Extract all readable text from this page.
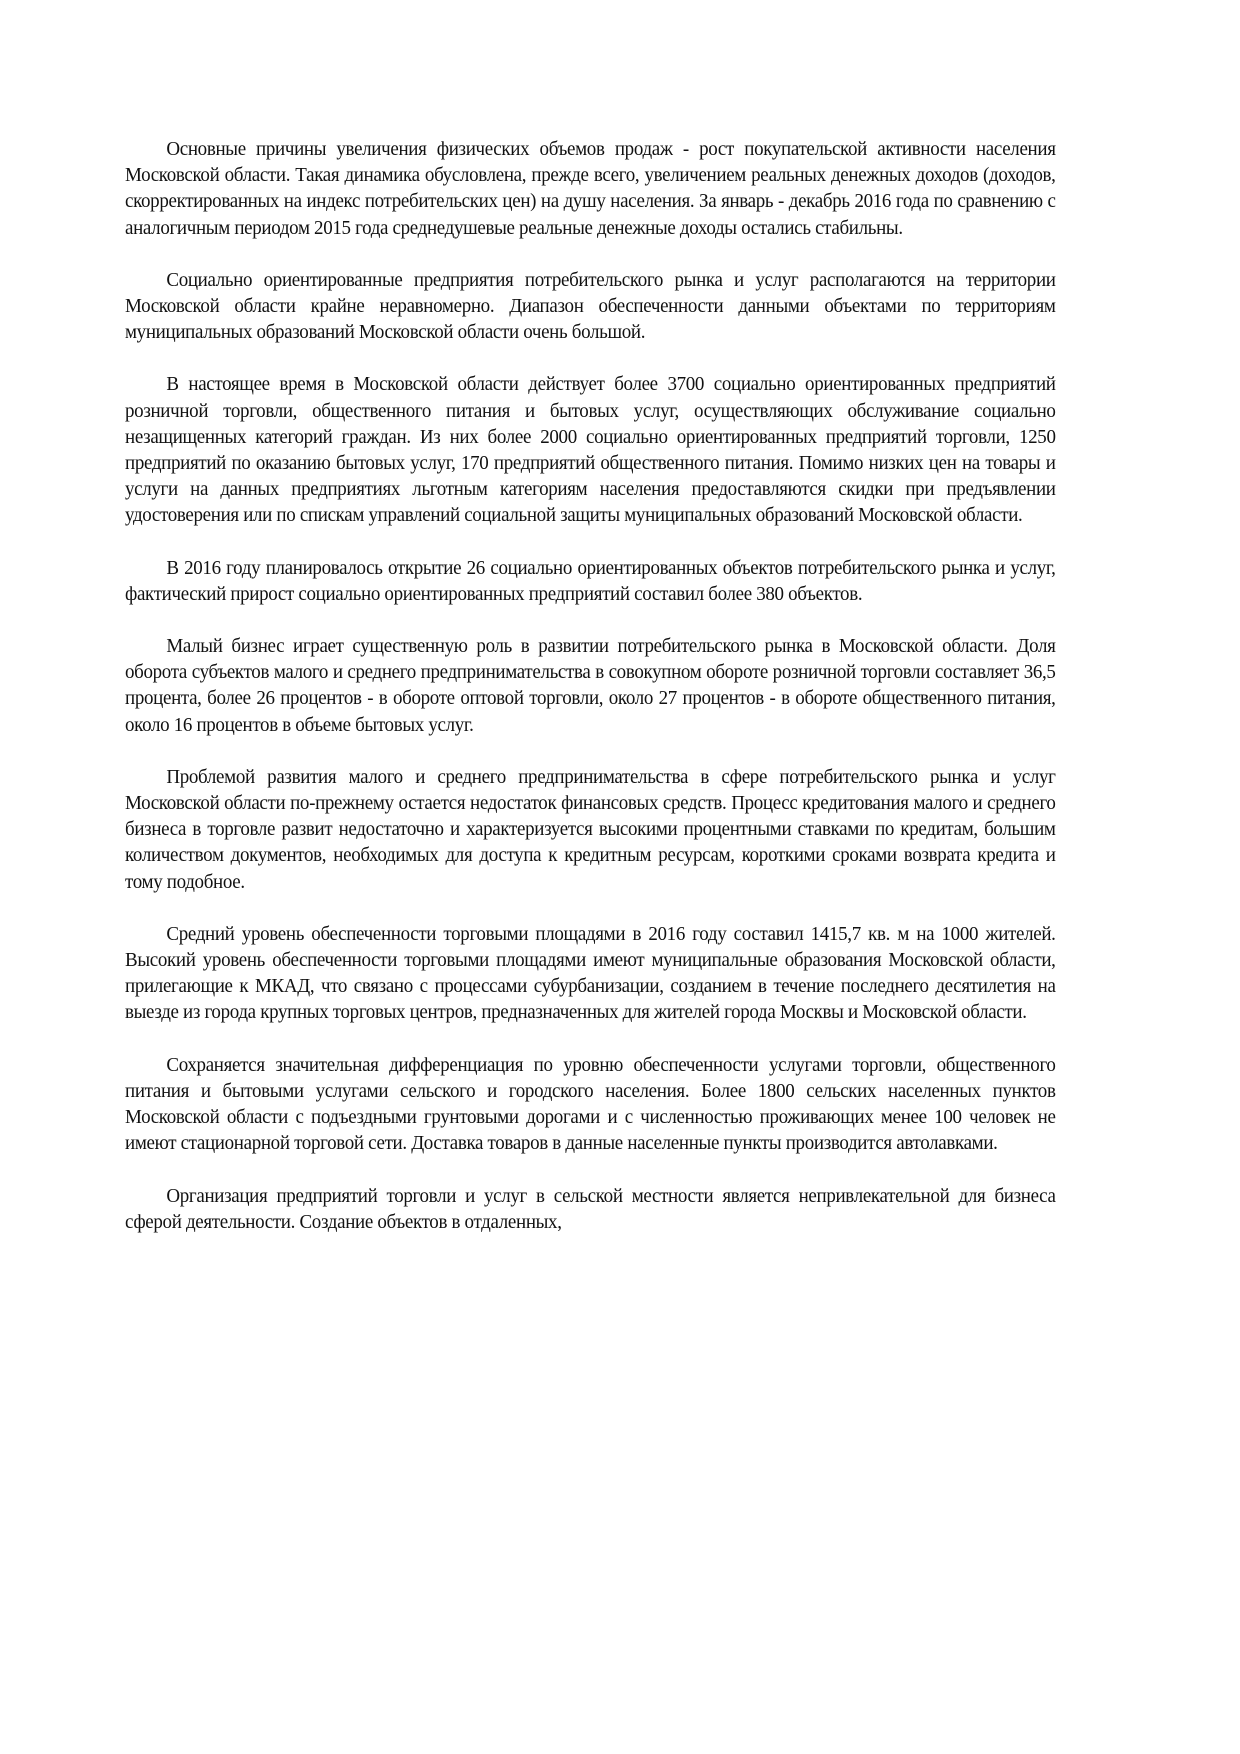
Основные причины увеличения физических объемов продаж - рост покупательской активности населения Московской области. Такая динамика обусловлена, прежде всего, увеличением реальных денежных доходов (доходов, скорректированных на индекс потребительских цен) на душу населения. За январь - декабрь 2016 года по сравнению с аналогичным периодом 2015 года среднедушевые реальные денежные доходы остались стабильны.

Социально ориентированные предприятия потребительского рынка и услуг располагаются на территории Московской области крайне неравномерно. Диапазон обеспеченности данными объектами по территориям муниципальных образований Московской области очень большой.

В настоящее время в Московской области действует более 3700 социально ориентированных предприятий розничной торговли, общественного питания и бытовых услуг, осуществляющих обслуживание социально незащищенных категорий граждан. Из них более 2000 социально ориентированных предприятий торговли, 1250 предприятий по оказанию бытовых услуг, 170 предприятий общественного питания. Помимо низких цен на товары и услуги на данных предприятиях льготным категориям населения предоставляются скидки при предъявлении удостоверения или по спискам управлений социальной защиты муниципальных образований Московской области.

В 2016 году планировалось открытие 26 социально ориентированных объектов потребительского рынка и услуг, фактический прирост социально ориентированных предприятий составил более 380 объектов.

Малый бизнес играет существенную роль в развитии потребительского рынка в Московской области. Доля оборота субъектов малого и среднего предпринимательства в совокупном обороте розничной торговли составляет 36,5 процента, более 26 процентов - в обороте оптовой торговли, около 27 процентов - в обороте общественного питания, около 16 процентов в объеме бытовых услуг.

Проблемой развития малого и среднего предпринимательства в сфере потребительского рынка и услуг Московской области по-прежнему остается недостаток финансовых средств. Процесс кредитования малого и среднего бизнеса в торговле развит недостаточно и характеризуется высокими процентными ставками по кредитам, большим количеством документов, необходимых для доступа к кредитным ресурсам, короткими сроками возврата кредита и тому подобное.

Средний уровень обеспеченности торговыми площадями в 2016 году составил 1415,7 кв. м на 1000 жителей. Высокий уровень обеспеченности торговыми площадями имеют муниципальные образования Московской области, прилегающие к МКАД, что связано с процессами субурбанизации, созданием в течение последнего десятилетия на выезде из города крупных торговых центров, предназначенных для жителей города Москвы и Московской области.

Сохраняется значительная дифференциация по уровню обеспеченности услугами торговли, общественного питания и бытовыми услугами сельского и городского населения. Более 1800 сельских населенных пунктов Московской области с подъездными грунтовыми дорогами и с численностью проживающих менее 100 человек не имеют стационарной торговой сети. Доставка товаров в данные населенные пункты производится автолавками.

Организация предприятий торговли и услуг в сельской местности является непривлекательной для бизнеса сферой деятельности. Создание объектов в отдаленных,
